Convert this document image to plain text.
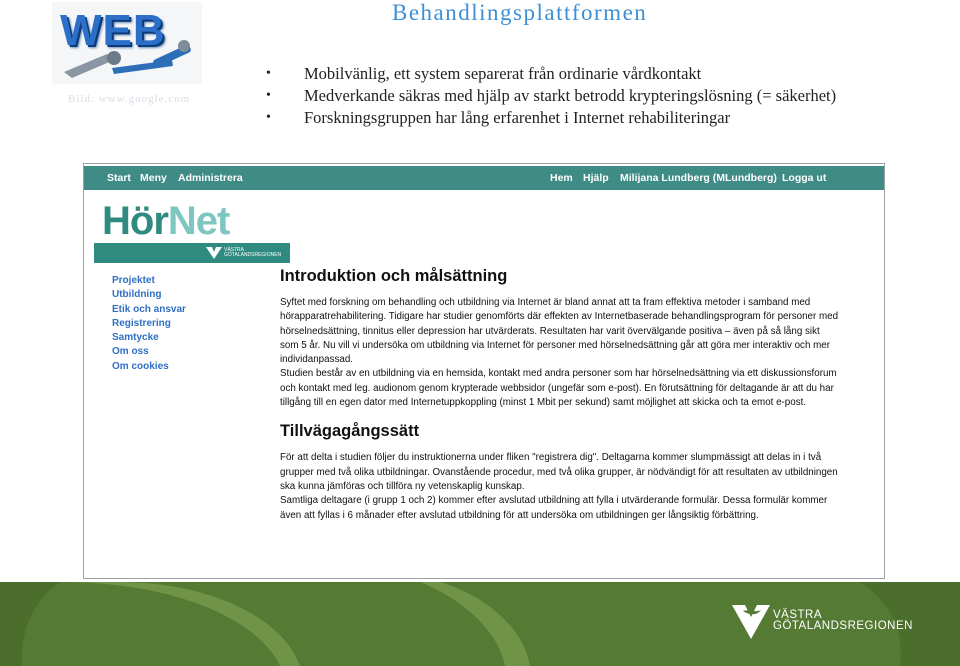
WEB
Bild: www.google.com
Behandlingsplattformen
• Mobilvänlig, ett system separerat från ordinarie vårdkontakt
• Medverkande säkras med hjälp av starkt betrodd krypteringslösning (= säkerhet)
• Forskningsgruppen har lång erfarenhet i Internet rehabiliteringar
Start Meny Administrera	Hem Hjälp Milijana Lundberg (MLundberg) Logga ut
HörNet
VÄSTRA GÖTALANDSREGIONEN
Projektet
Utbildning
Etik och ansvar
Registrering
Samtycke
Om oss
Om cookies
Introduktion och målsättning

Syftet med forskning om behandling och utbildning via Internet är bland annat att ta fram effektiva metoder i samband med hörapparatrehabilitering. Tidigare har studier genomförts där effekten av Internetbaserade behandlingsprogram för personer med hörselnedsättning, tinnitus eller depression har utvärderats. Resultaten har varit övervälgande positiva – även på så lång sikt som 5 år. Nu vill vi undersöka om utbildning via Internet för personer med hörselnedsättning går att göra mer interaktiv och mer individanpassad.

Studien består av en utbildning via en hemsida, kontakt med andra personer som har hörselnedsättning via ett diskussionsforum och kontakt med leg. audionom genom krypterade webbsidor (ungefär som e-post). En förutsättning för deltagande är att du har tillgång till en egen dator med Internetuppkoppling (minst 1 Mbit per sekund) samt möjlighet att skicka och ta emot e-post.

Tillvägagångssätt

För att delta i studien följer du instruktionerna under fliken "registrera dig". Deltagarna kommer slumpmässigt att delas in i två grupper med två olika utbildningar. Ovanstående procedur, med två olika grupper, är nödvändigt för att resultaten av utbildningen ska kunna jämföras och tillföra ny vetenskaplig kunskap.

Samtliga deltagare (i grupp 1 och 2) kommer efter avslutad utbildning att fylla i utvärderande formulär. Dessa formulär kommer även att fyllas i 6 månader efter avslutad utbildning för att undersöka om utbildningen ger långsiktig förbättring.

VÄSTRA
GÖTALANDSREGIONEN
